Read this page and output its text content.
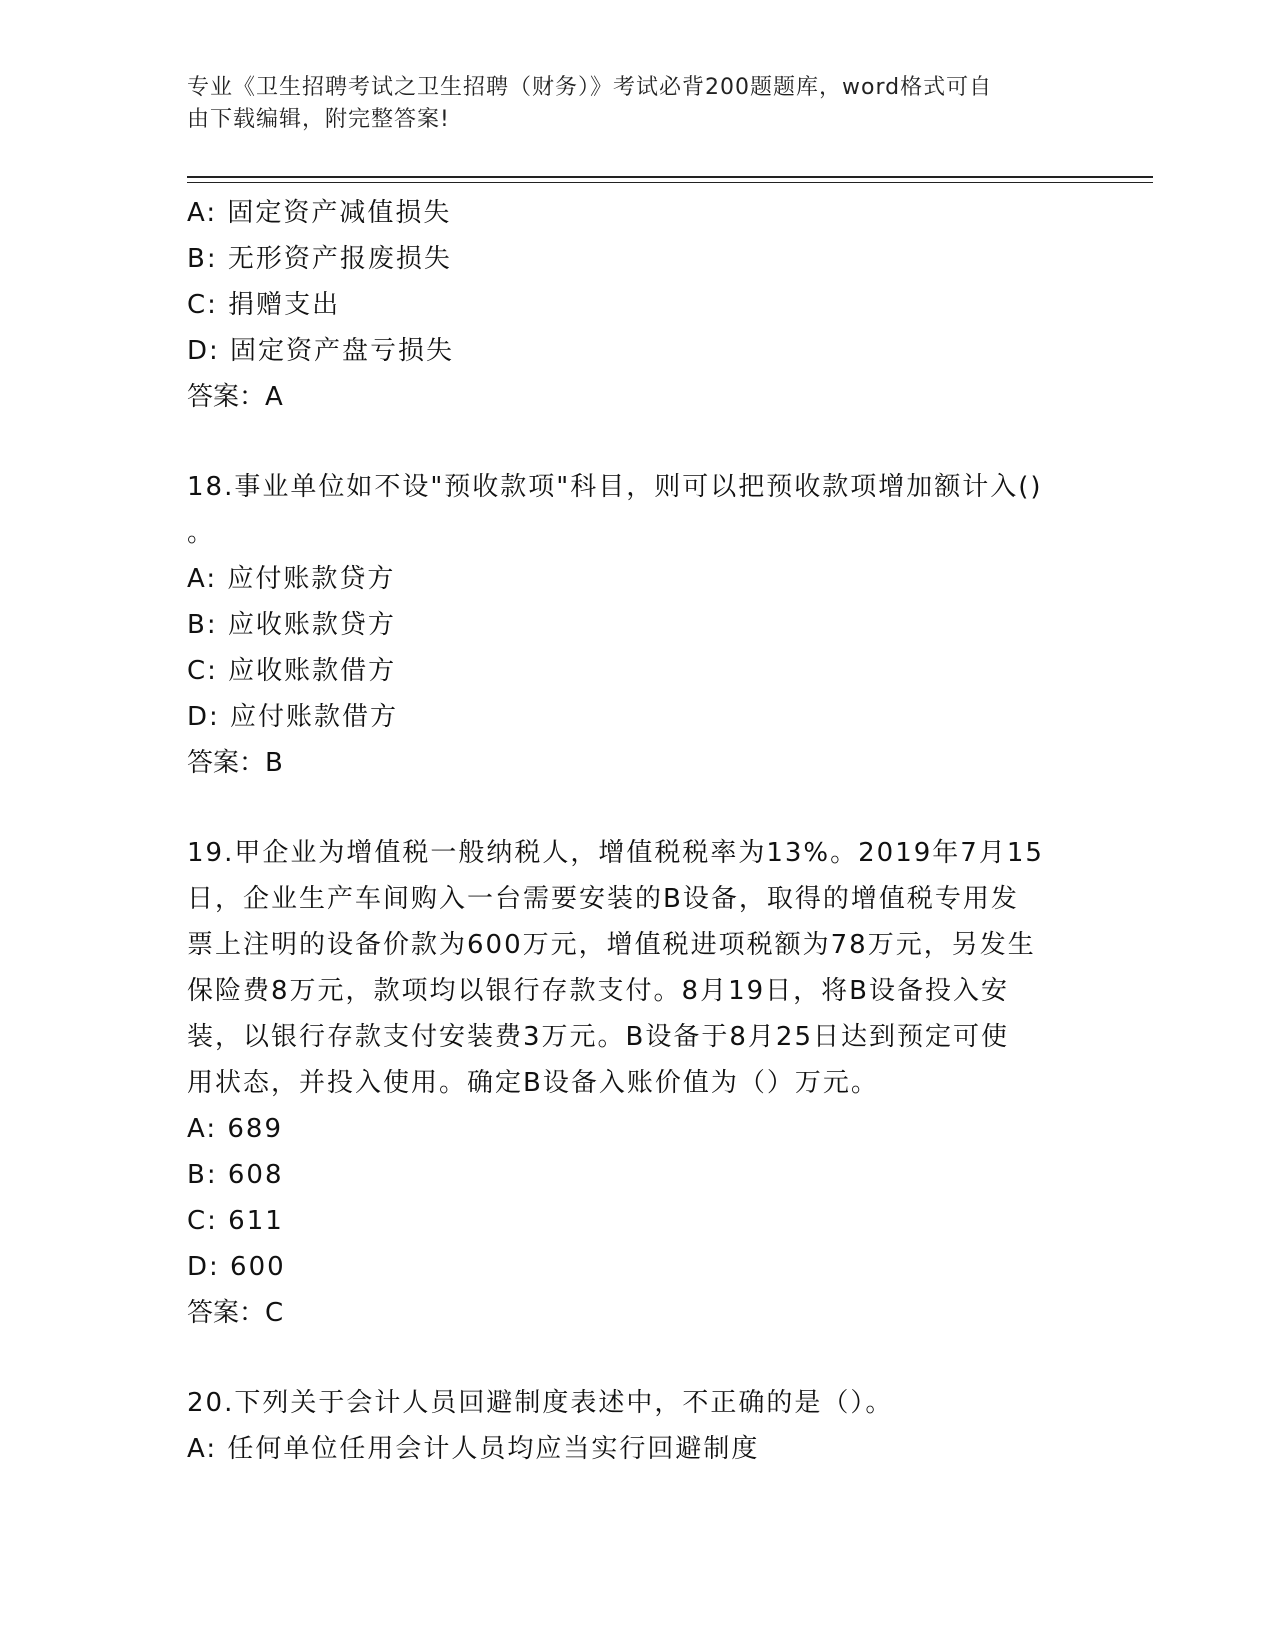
专业《卫生招聘考试之卫生招聘（财务）》考试必背200题题库，word格式可自
由下载编辑，附完整答案!
A: 固定资产减值损失
B: 无形资产报废损失
C: 捐赠支出
D: 固定资产盘亏损失
答案：A
18.事业单位如不设"预收款项"科目，则可以把预收款项增加额计入()
。
A: 应付账款贷方
B: 应收账款贷方
C: 应收账款借方
D: 应付账款借方
答案：B
19.甲企业为增值税一般纳税人，增值税税率为13%。2019年7月15
日，企业生产车间购入一台需要安装的B设备，取得的增值税专用发
票上注明的设备价款为600万元，增值税进项税额为78万元，另发生
保险费8万元，款项均以银行存款支付。8月19日，将B设备投入安
装，以银行存款支付安装费3万元。B设备于8月25日达到预定可使
用状态，并投入使用。确定B设备入账价值为（）万元。
A: 689
B: 608
C: 611
D: 600
答案：C
20.下列关于会计人员回避制度表述中，不正确的是（）。
A: 任何单位任用会计人员均应当实行回避制度
